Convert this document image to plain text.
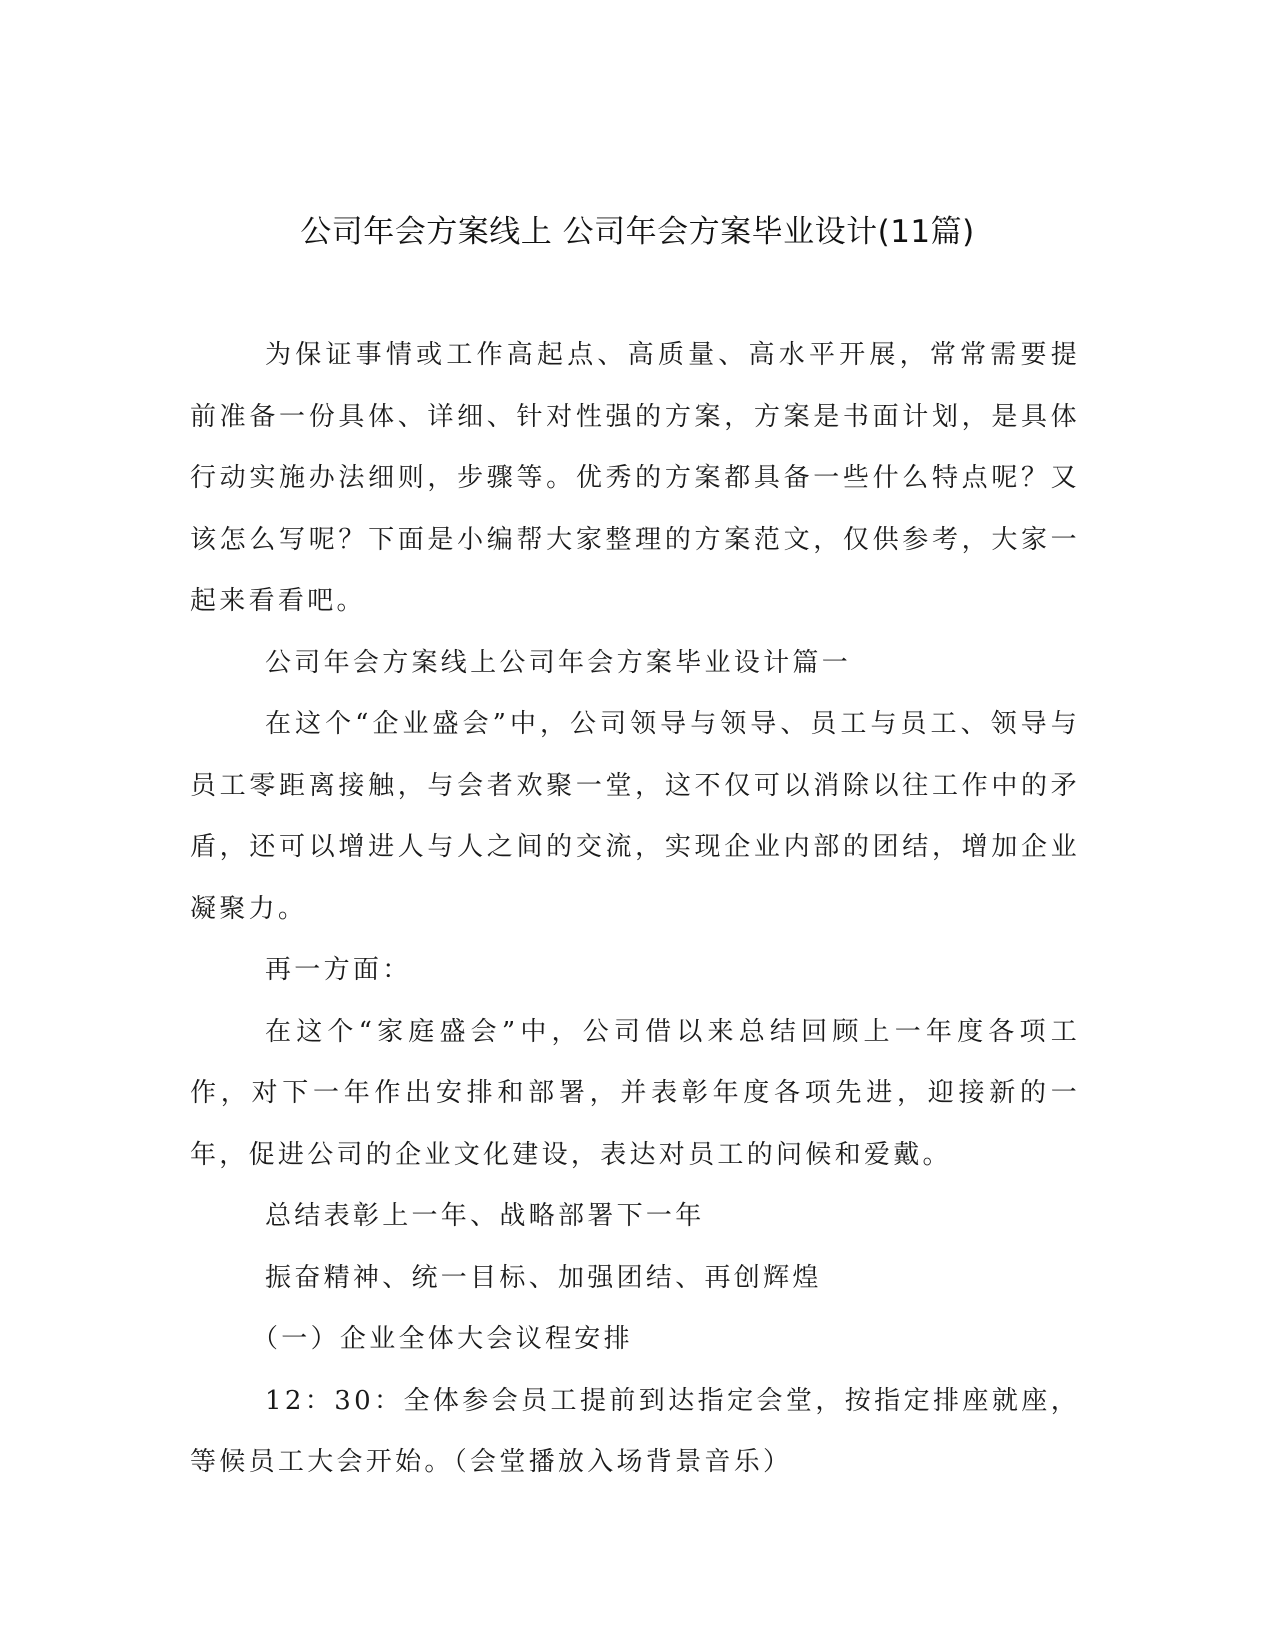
公司年会方案线上 公司年会方案毕业设计(11篇)

为保证事情或工作高起点、高质量、高水平开展，常常需要提前准备一份具体、详细、针对性强的方案，方案是书面计划，是具体行动实施办法细则，步骤等。优秀的方案都具备一些什么特点呢？又该怎么写呢？下面是小编帮大家整理的方案范文，仅供参考，大家一起来看看吧。

公司年会方案线上公司年会方案毕业设计篇一

在这个“企业盛会”中，公司领导与领导、员工与员工、领导与员工零距离接触，与会者欢聚一堂，这不仅可以消除以往工作中的矛盾，还可以增进人与人之间的交流，实现企业内部的团结，增加企业凝聚力。

再一方面：

在这个“家庭盛会”中，公司借以来总结回顾上一年度各项工作，对下一年作出安排和部署，并表彰年度各项先进，迎接新的一年，促进公司的企业文化建设，表达对员工的问候和爱戴。

总结表彰上一年、战略部署下一年

振奋精神、统一目标、加强团结、再创辉煌

（一）企业全体大会议程安排

12：30：全体参会员工提前到达指定会堂，按指定排座就座，等候员工大会开始。（会堂播放入场背景音乐）
